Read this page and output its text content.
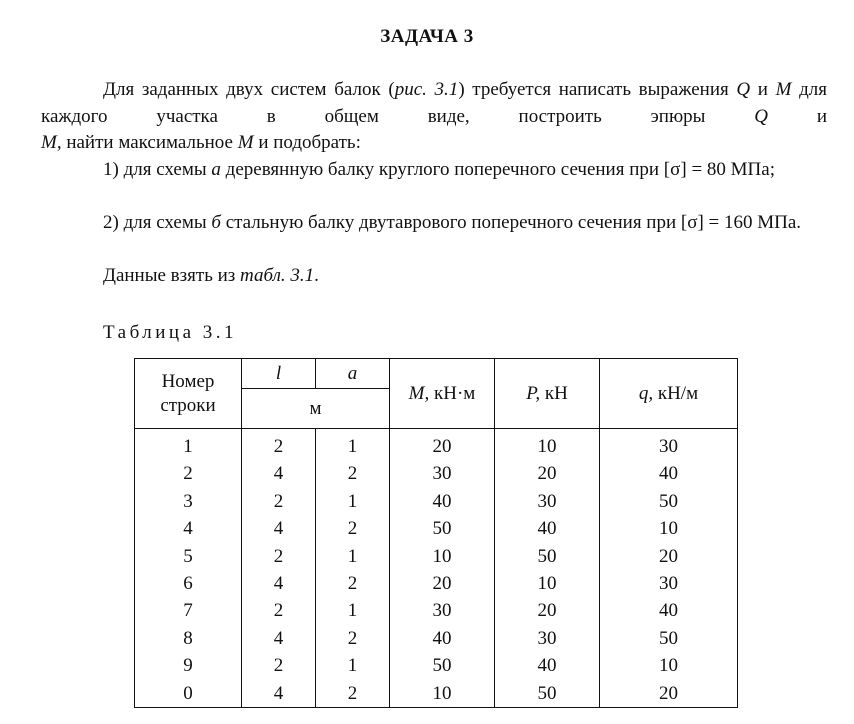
ЗАДАЧА 3
Для заданных двух систем балок (рис. 3.1) требуется написать выражения Q и M для каждого участка в общем виде, построить эпюры Q и
M, найти максимальное M и подобрать:
1) для схемы а деревянную балку круглого поперечного сечения при [σ] = 80 МПа;
2) для схемы б стальную балку двутаврового поперечного сечения при [σ] = 160 МПа.
Данные взять из табл. 3.1.
Таблица 3.1
Номер
строки	l	a	M, кН·м	P, кН	q, кН/м
	м				
1	2	1	20	10	30
2	4	2	30	20	40
3	2	1	40	30	50
4	4	2	50	40	10
5	2	1	10	50	20
6	4	2	20	10	30
7	2	1	30	20	40
8	4	2	40	30	50
9	2	1	50	40	10
0	4	2	10	50	20
